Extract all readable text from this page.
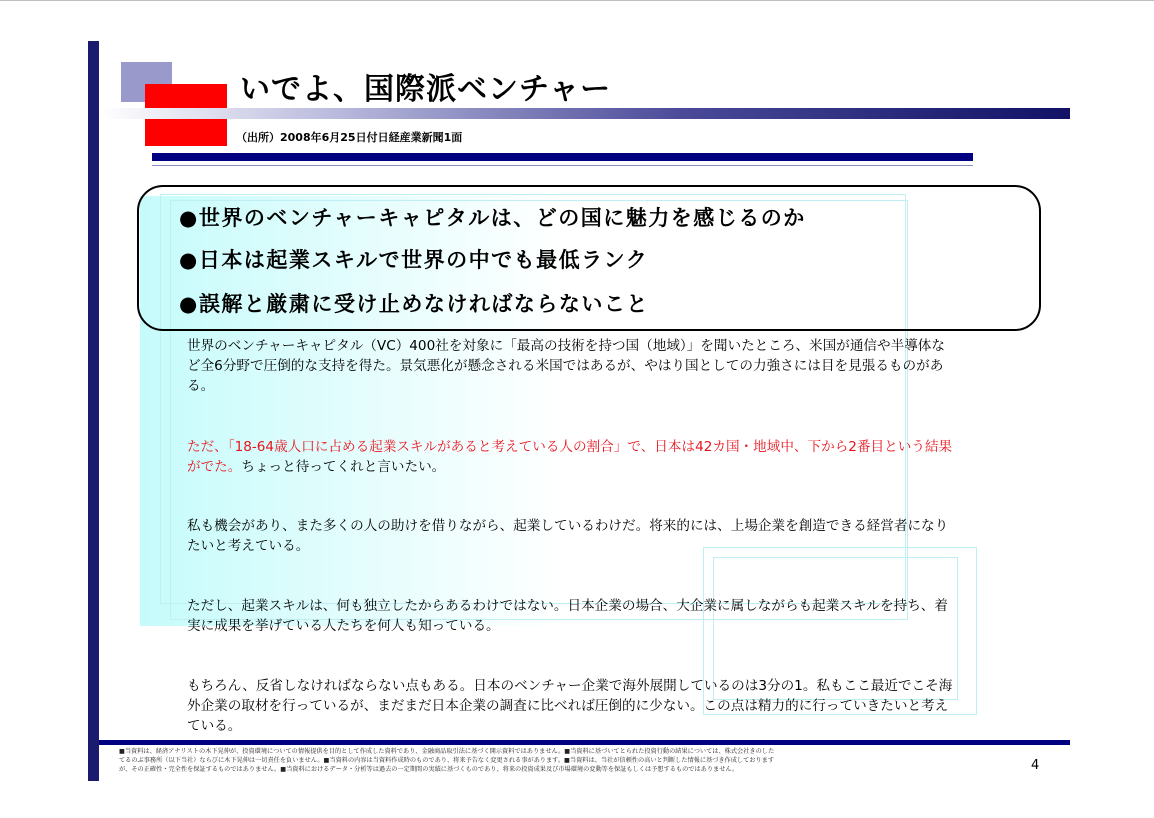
いでよ、国際派ベンチャー
（出所）2008年6月25日付日経産業新聞1面

●世界のベンチャーキャピタルは、どの国に魅力を感じるのか

●日本は起業スキルで世界の中でも最低ランク

●誤解と厳粛に受け止めなければならないこと

世界のベンチャーキャピタル（VC）400社を対象に「最高の技術を持つ国（地域）」を聞いたところ、米国が通信や半導体など全6分野で圧倒的な支持を得た。景気悪化が懸念される米国ではあるが、やはり国としての力強さには目を見張るものがある。

ただ、「18-64歳人口に占める起業スキルがあると考えている人の割合」で、日本は42カ国・地域中、下から2番目という結果がでた。ちょっと待ってくれと言いたい。

私も機会があり、また多くの人の助けを借りながら、起業しているわけだ。将来的には、上場企業を創造できる経営者になりたいと考えている。

ただし、起業スキルは、何も独立したからあるわけではない。日本企業の場合、大企業に属しながらも起業スキルを持ち、着実に成果を挙げている人たちを何人も知っている。

もちろん、反省しなければならない点もある。日本のベンチャー企業で海外展開しているのは3分の1。私もここ最近でこそ海外企業の取材を行っているが、まだまだ日本企業の調査に比べれば圧倒的に少ない。この点は精力的に行っていきたいと考えている。

■当資料は、経済アナリストの木下晃伸が、投資環境についての情報提供を目的として作成した資料であり、金融商品取引法に基づく開示資料ではありません。■当資料に基づいてとられた投資行動の結果については、株式会社きのした
てるのぶ事務所（以下当社）ならびに木下晃伸は一切責任を負いません。■当資料の内容は当資料作成時のものであり、将来予告なく変更される事があります。■当資料は、当社が信頼性の高いと判断した情報に基づき作成しております
が、その正確性・完全性を保証するものではありません。■当資料におけるデータ・分析等は過去の一定期間の実績に基づくものであり、将来の投資成果及び市場環境の変動等を保証もしくは予想するものではありません。	4
